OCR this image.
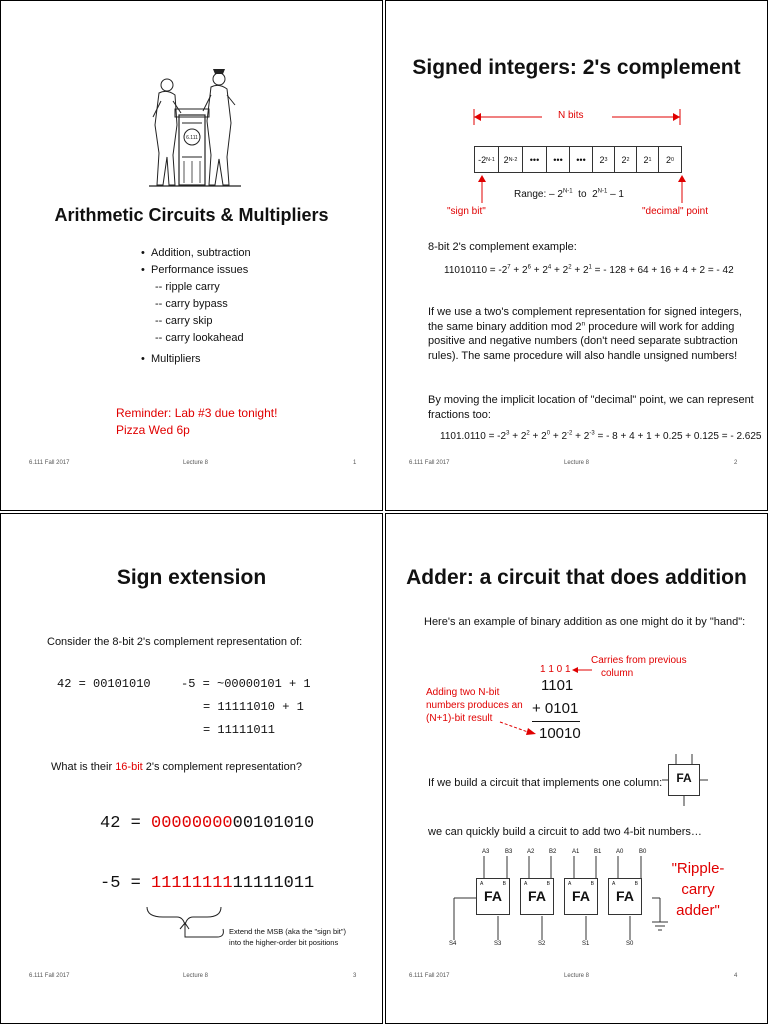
6.111
Arithmetic Circuits & Multipliers
• Addition, subtraction
• Performance issues
-- ripple carry
-- carry bypass
-- carry skip
-- carry lookahead
• Multipliers
Reminder: Lab #3 due tonight!
Pizza Wed 6p
6.111 Fall 2017	Lecture 8	1
Signed integers: 2's complement
N bits
-2 N-1 2 N-2	•••	•••	•••	2 3	2 2	2 1	2 0
Range: – $2^{N-1}$  to  $2^{N-1} - 1$
"sign bit"	"decimal" point
8-bit 2's complement example:
$11010110 = -2^7 + 2^6 + 2^4 + 2^2 + 2^1$ = - 128 + 64 + 16 + 4 + 2 = - 42
If we use a two's complement representation for signed integers,
the same binary addition mod 2$^n$ procedure will work for adding
positive and negative numbers (don't need separate subtraction
rules). The same procedure will also handle unsigned numbers!
By moving the implicit location of "decimal" point, we can represent
fractions too:
$1101.0110 = -2^3 + 2^2 + 2^0 + 2^{-2} + 2^{-3}$ = - 8 + 4 + 1 + 0.25 + 0.125 = - 2.625
6.111 Fall 2017	Lecture 8	2
Sign extension
Consider the 8-bit 2's complement representation of:
42 = 00101010	-5 = ~00000101 + 1
= 11111010 + 1
= 11111011
What is their 16-bit 2's complement representation?
42 = 0000000000101010
-5 = 1111111111111011
Extend the MSB (aka the "sign bit")
into the higher-order bit positions
6.111 Fall 2017	Lecture 8	3
Adder: a circuit that does addition
Here's an example of binary addition as one might do it by "hand":
1 1 0 1
Carries from previous
column
1101
+ 0101
10010
Adding two N-bit
numbers produces an
(N+1)-bit result
If we build a circuit that implements one column:	FA
we can quickly build a circuit to add two 4-bit numbers…
A3	B3 A2 B2	A1 B1 A0	B0
A	B
FA
A	B
FA
A	B
FA
A	B
FA
S4	S3	S2	S1	S0
"Ripple-
carry
adder"
6.111 Fall 2017	Lecture 8	4
